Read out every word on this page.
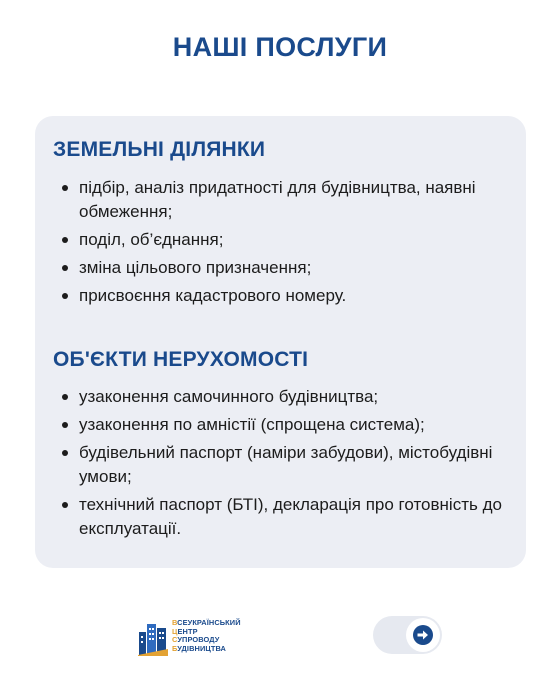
НАШІ ПОСЛУГИ
ЗЕМЕЛЬНІ ДІЛЯНКИ
підбір, аналіз придатності для будівництва, наявні обмеження;
поділ, об’єднання;
зміна цільового призначення;
присвоєння кадастрового номеру.
ОБ'ЄКТИ НЕРУХОМОСТІ
узаконення самочинного будівництва;
узаконення по амністії (спрощена система);
будівельний паспорт (наміри забудови), містобудівні умови;
технічний паспорт (БТІ), декларація про готовність до експлуатації.
ВСЕУКРАЇНСЬКИЙ
ЦЕНТР
СУПРОВОДУ
БУДІВНИЦТВА
